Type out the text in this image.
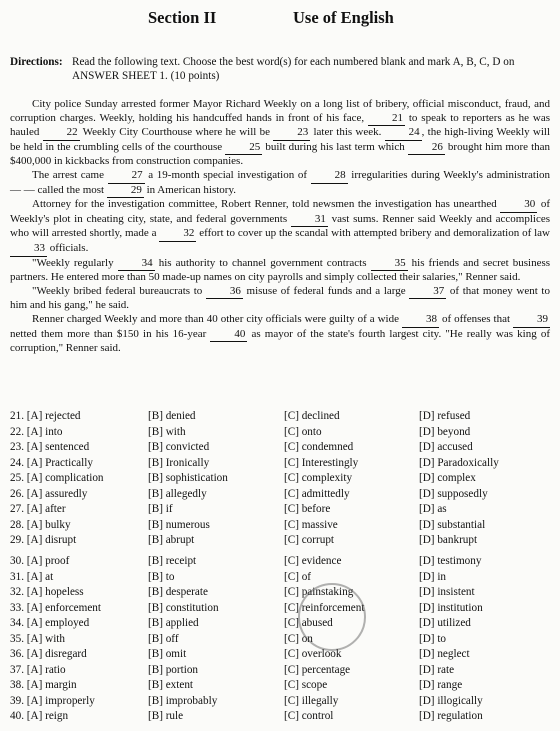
Section II	Use of English
Directions: Read the following text. Choose the best word(s) for each numbered blank and mark A, B, C, D on
ANSWER SHEET 1. (10 points)

City police Sunday arrested former Mayor Richard Weekly on a long list of bribery, official misconduct, fraud, and corruption charges. Weekly, holding his handcuffed hands in front of his face,	21 to speak to reporters as he was hauled 22 Weekly City Courthouse where he will be 23 later this week. 24 , the high-living Weekly will be held in the crumbling cells of the courthouse 25 built during his last term which 26 brought him more than $400,000 in kickbacks from construction companies.

The arrest came	27 a 19-month special investigation of	28 irregularities during Weekly's administration — — called the most 29 in American history.

Attorney for the investigation committee, Robert Renner, told newsmen the investigation has unearthed	30 of Weekly's plot in cheating city, state, and federal governments	31 vast sums. Renner said Weekly and accomplices who will arrested shortly, made a 32 effort to cover up the scandal with attempted bribery and demoralization of law 33 officials.

"Weekly regularly	34 his authority to channel government contracts	35 his friends and secret business partners. He entered more than 50 made-up names on city payrolls and simply collected their salaries," Renner said.

"Weekly bribed federal bureaucrats to	36 misuse of federal funds and a large	37 of that money went to him and his gang," he said.

Renner charged Weekly and more than 40 other city officials were guilty of a wide 38 of offenses that 39 netted them more than $150 in his 16-year	40 as mayor of the state's fourth largest city. "He really was king of corruption," Renner said.

21. [A] rejected	[B] denied	[C] declined	[D] refused
22. [A] into	[B] with	[C] onto	[D] beyond
23. [A] sentenced	[B] convicted	[C] condemned	[D] accused
24. [A] Practically	[B] Ironically	[C] Interestingly	[D] Paradoxically
25. [A] complication	[B] sophistication	[C] complexity	[D] complex
26. [A] assuredly	[B] allegedly	[C] admittedly	[D] supposedly
27. [A] after	[B] if	[C] before	[D] as
28. [A] bulky	[B] numerous	[C] massive	[D] substantial
29. [A] disrupt	[B] abrupt	[C] corrupt	[D] bankrupt
30. [A] proof	[B] receipt	[C] evidence	[D] testimony
31. [A] at	[B] to	[C] of	[D] in
32. [A] hopeless	[B] desperate	[C] painstaking	[D] insistent
33. [A] enforcement	[B] constitution	[C] reinforcement	[D] institution
34. [A] employed	[B] applied	[C] abused	[D] utilized
35. [A] with	[B] off	[C] on	[D] to
36. [A] disregard	[B] omit	[C] overlook	[D] neglect
37. [A] ratio	[B] portion	[C] percentage	[D] rate
38. [A] margin	[B] extent	[C] scope	[D] range
39. [A] improperly	[B] improbably	[C] illegally	[D] illogically
40. [A] reign	[B] rule	[C] control	[D] regulation
